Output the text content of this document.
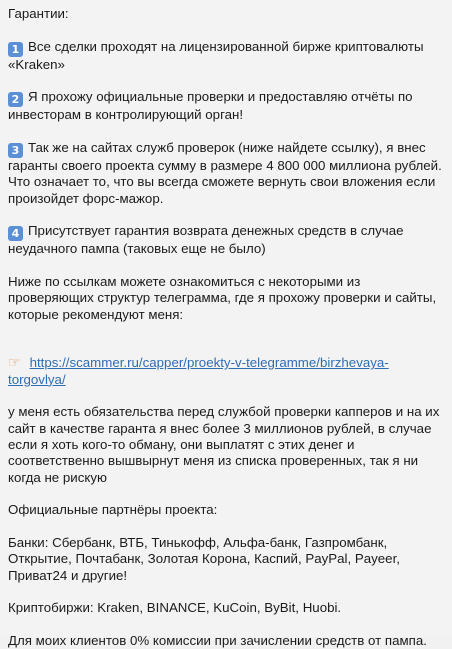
Гарантии:

1 Все сделки проходят на лицензированной бирже криптовалюты «Kraken»

2 Я прохожу официальные проверки и предоставляю отчёты по инвесторам в контролирующий орган!

3 Так же на сайтах служб проверок (ниже найдете ссылку), я внес гаранты своего проекта сумму в размере 4 800 000 миллиона рублей. Что означает то, что вы всегда сможете вернуть свои вложения если произойдет форс-мажор.

4 Присутствует гарантия возврата денежных средств в случае неудачного пампа (таковых еще не было)

Ниже по ссылкам можете ознакомиться с некоторыми из проверяющих структур телеграмма, где я прохожу проверки и сайты, которые рекомендуют меня:

☞ https://scammer.ru/capper/proekty-v-telegramme/birzhevaya-torgovlya/

у меня есть обязательства перед службой проверки капперов и на их сайт в качестве гаранта я внес более 3 миллионов рублей, в случае если я хоть кого-то обману, они выплатят с этих денег и соответственно вышвырнут меня из списка проверенных, так я ни когда не рискую

Официальные партнёры проекта:

Банки: Сбербанк, ВТБ, Тинькофф, Альфа-банк, Газпромбанк, Открытие, Почтабанк, Золотая Корона, Каспий, PayPal, Payeer, Приват24 и другие!

Криптобиржи: Kraken, BINANCE, KuCoin, ByBit, Huobi.

Для моих клиентов 0% комиссии при зачислении средств от пампа.
